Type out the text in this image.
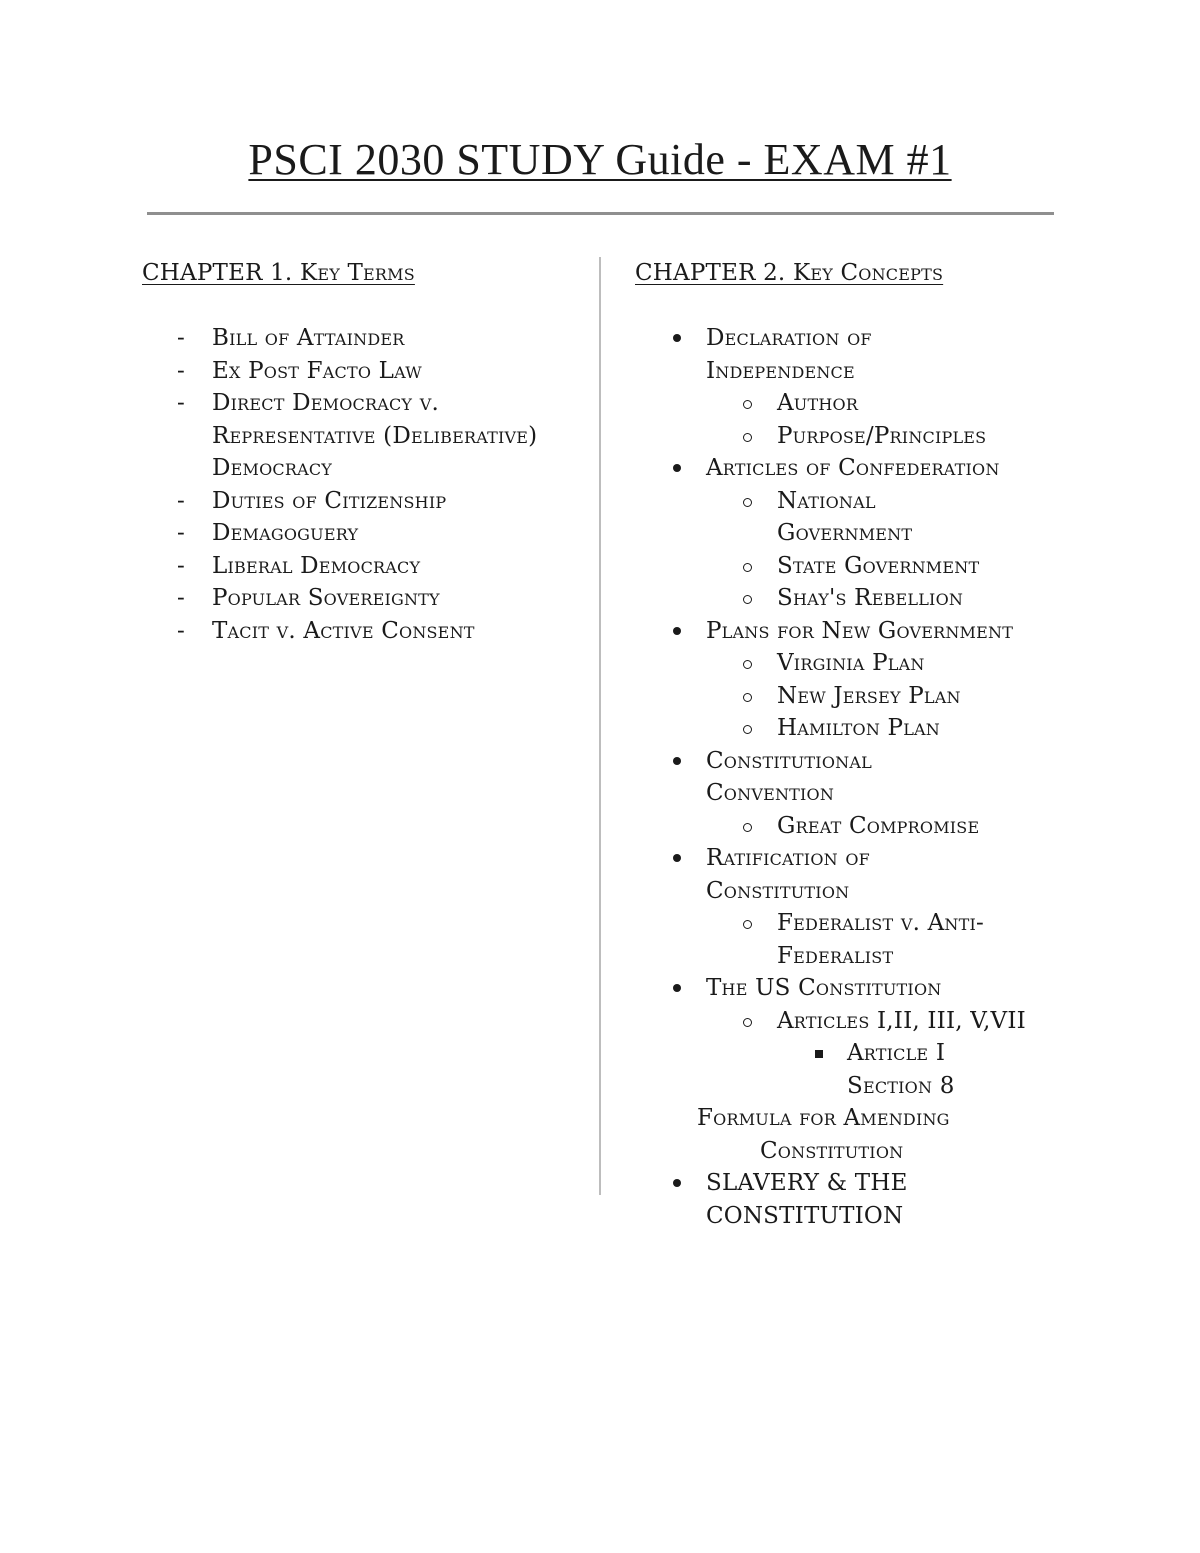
PSCI 2030 STUDY Guide - EXAM #1
CHAPTER 1. Key Terms
- Bill of Attainder
- Ex Post Facto Law
- Direct Democracy v. Representative (Deliberative) Democracy
- Duties of Citizenship
- Demagoguery
- Liberal Democracy
- Popular Sovereignty
- Tacit v. Active Consent
CHAPTER 2. Key Concepts
Declaration of Independence
Author
Purpose/Principles
Articles of Confederation
National Government
State Government
Shay's Rebellion
Plans for New Government
Virginia Plan
New Jersey Plan
Hamilton Plan
Constitutional Convention
Great Compromise
Ratification of Constitution
Federalist v. Anti-Federalist
The US Constitution
Articles I,II, III, V,VII
Article I Section 8
Formula for Amending
Constitution
SLAVERY & THE CONSTITUTION
